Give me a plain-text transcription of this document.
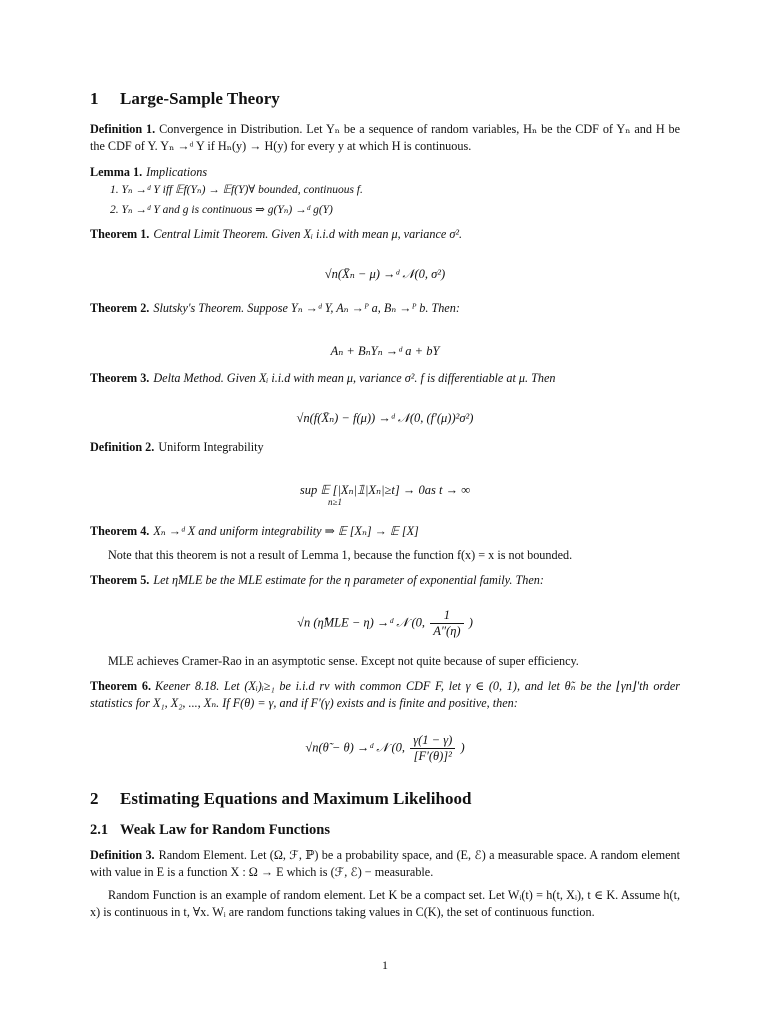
1 Large-Sample Theory
Definition 1. Convergence in Distribution. Let Yₙ be a sequence of random variables, Hₙ be the CDF of Yₙ and H be the CDF of Y. Yₙ →ᵈ Y if Hₙ(y) → H(y) for every y at which H is continuous.
Lemma 1. Implications
1. Yₙ →ᵈ Y iff 𝔼f(Yₙ) → 𝔼f(Y)∀ bounded, continuous f.
2. Yₙ →ᵈ Y and g is continuous ⇒ g(Yₙ) →ᵈ g(Y)
Theorem 1. Central Limit Theorem. Given Xᵢ i.i.d with mean μ, variance σ².
√n(X̄ₙ − μ) →ᵈ 𝒩(0, σ²)
Theorem 2. Slutsky's Theorem. Suppose Yₙ →ᵈ Y, Aₙ →ᴾ a, Bₙ →ᴾ b. Then:
Aₙ + BₙYₙ →ᵈ a + bY
Theorem 3. Delta Method. Given Xᵢ i.i.d with mean μ, variance σ². f is differentiable at μ. Then
√n(f(X̄ₙ) − f(μ)) →ᵈ 𝒩(0, (f′(μ))²σ²)
Definition 2. Uniform Integrability
sup 𝔼 [|Xₙ|𝟙|Xₙ|≥t] → 0as t → ∞
n≥1
Theorem 4. Xₙ →ᵈ X and uniform integrability ⇒ 𝔼 [Xₙ] → 𝔼 [X]
Note that this theorem is not a result of Lemma 1, because the function f(x) = x is not bounded.
Theorem 5. Let η̂MLE be the MLE estimate for the η parameter of exponential family. Then:
√n (η̂MLE − η) →ᵈ 𝒩 (0, $\frac{1}{A''(\eta)}$ )
MLE achieves Cramer-Rao in an asymptotic sense. Except not quite because of super efficiency.
Theorem 6. Keener 8.18. Let (Xᵢ)ᵢ≥₁ be i.i.d rv with common CDF F, let γ ∈ (0, 1), and let θ̃ₙ be the ⌊γn⌋'th order statistics for X₁, X₂, ..., Xₙ. If F(θ) = γ, and if F′(γ) exists and is finite and positive, then:
√n(θ̃ − θ) →ᵈ 𝒩 (0, $\frac{\gamma(1 - \gamma)}{\text{[F′(θ)]²}}$ )
2 Estimating Equations and Maximum Likelihood
2.1 Weak Law for Random Functions
Definition 3. Random Element. Let (Ω, ℱ, ℙ) be a probability space, and (E, ℰ) a measurable space. A random element with value in E is a function X : Ω → E which is (ℱ, ℰ) − measurable.
Random Function is an example of random element. Let K be a compact set. Let Wᵢ(t) = h(t, Xᵢ), t ∈ K. Assume h(t, x) is continuous in t, ∀x. Wᵢ are random functions taking values in C(K), the set of continuous function.
1
